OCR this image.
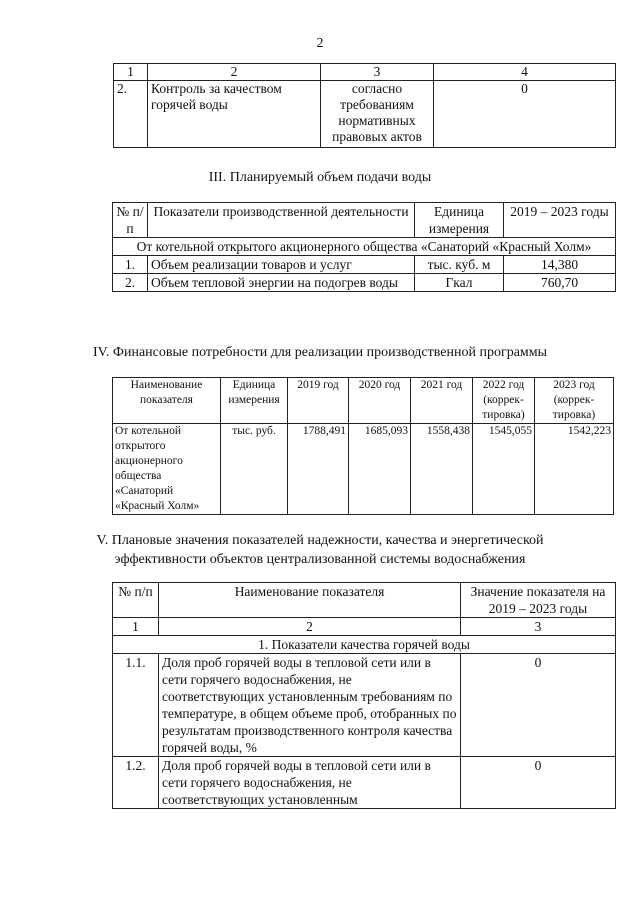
2
1	2	3	4
2.	Контроль за качеством горячей воды	согласно требованиям нормативных правовых актов	0
III. Планируемый объем подачи воды
№ п/п	Показатели производственной деятельности	Единица измерения	2019 – 2023 годы
От котельной открытого акционерного общества «Санаторий «Красный Холм»			
1.	Объем реализации товаров и услуг	тыс. куб. м	14,380
2.	Объем тепловой энергии на подогрев воды	Гкал	760,70
IV. Финансовые потребности для реализации производственной программы
Наименование показателя	Единица измерения	2019 год	2020 год	2021 год	2022 год (коррек-тировка)	2023 год (коррек-тировка)
От котельной открытого акционерного общества «Санаторий «Красный Холм»	тыс. руб.	1788,491	1685,093	1558,438	1545,055	1542,223
V. Плановые значения показателей надежности, качества и энергетической
эффективности объектов централизованной системы водоснабжения
№ п/п	Наименование показателя	Значение показателя на 2019 – 2023 годы
1	2	3
1. Показатели качества горячей воды		
1.1.	Доля проб горячей воды в тепловой сети или в сети горячего водоснабжения, не соответствующих установленным требованиям по температуре, в общем объеме проб, отобранных по результатам производственного контроля качества горячей воды, %	0
1.2.	Доля проб горячей воды в тепловой сети или в сети горячего водоснабжения, не соответствующих установленным	0
